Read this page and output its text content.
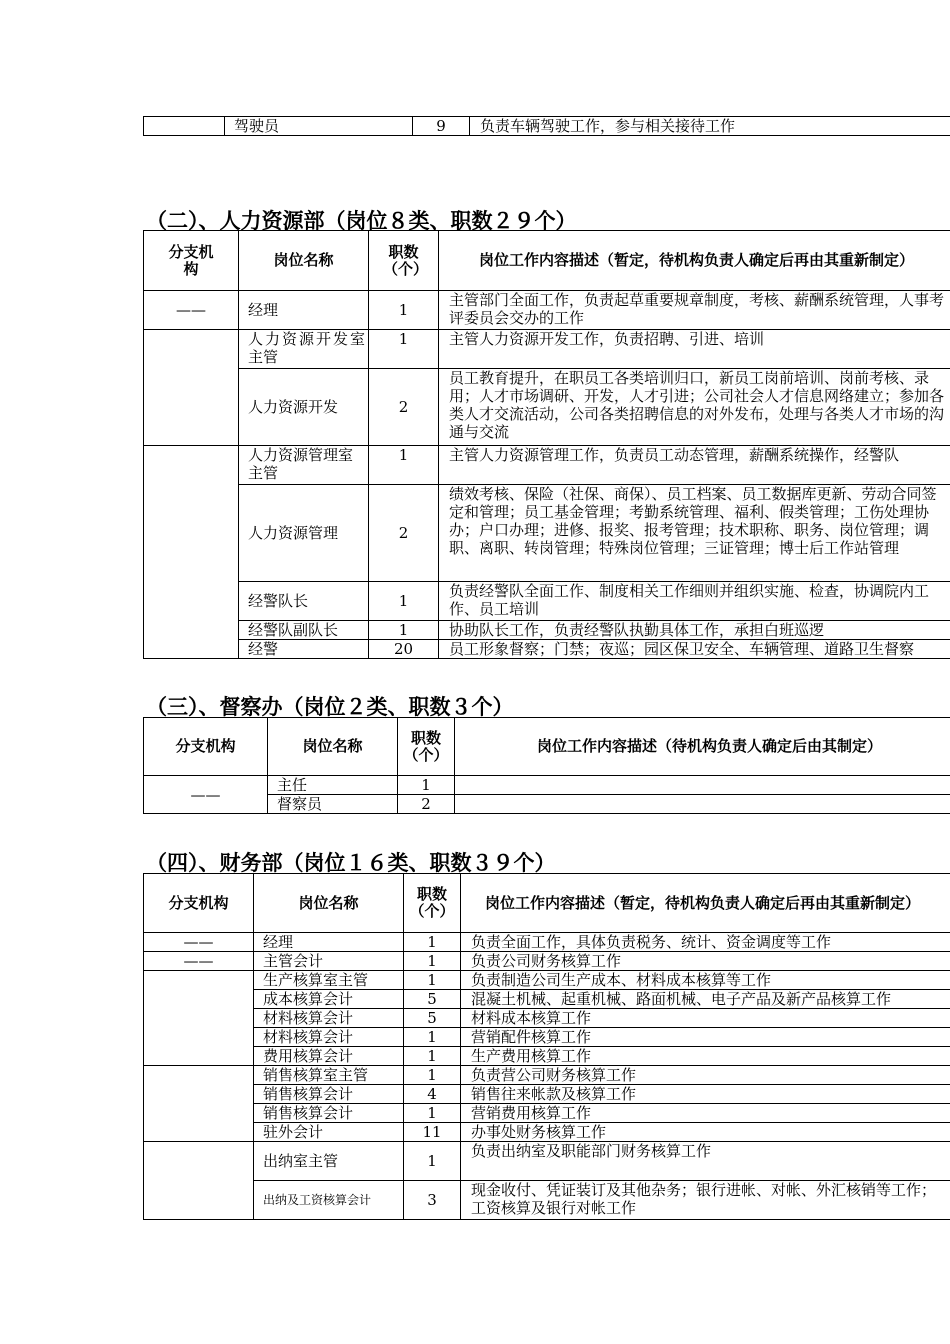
	驾驶员	9	负责车辆驾驶工作，参与相关接待工作
（二）、人力资源部（岗位８类、职数２９个）
分支机构	岗位名称	职数（个）	岗位工作内容描述（暂定，待机构负责人确定后再由其重新制定）
——	经理	1	主管部门全面工作，负责起草重要规章制度，考核、薪酬系统管理，人事考评委员会交办的工作
	人力资源开发室主管	1	主管人力资源开发工作，负责招聘、引进、培训
	人力资源开发	2	员工教育提升，在职员工各类培训归口，新员工岗前培训、岗前考核、录用；人才市场调研、开发，人才引进；公司社会人才信息网络建立；参加各类人才交流活动，公司各类招聘信息的对外发布，处理与各类人才市场的沟通与交流
	人力资源管理室主管	1	主管人力资源管理工作，负责员工动态管理，薪酬系统操作，经警队
	人力资源管理	2	绩效考核、保险（社保、商保）、员工档案、员工数据库更新、劳动合同签定和管理；员工基金管理；考勤系统管理、福利、假类管理；工伤处理协办；户口办理；进修、报奖、报考管理；技术职称、职务、岗位管理；调职、离职、转岗管理；特殊岗位管理；三证管理；博士后工作站管理
	经警队长	1	负责经警队全面工作、制度相关工作细则并组织实施、检查，协调院内工作、员工培训
	经警队副队长	1	协助队长工作，负责经警队执勤具体工作，承担白班巡逻
	经警	20	员工形象督察；门禁；夜巡；园区保卫安全、车辆管理、道路卫生督察
（三）、督察办（岗位２类、职数３个）
分支机构	岗位名称	职数（个）	岗位工作内容描述（待机构负责人确定后由其制定）
——	主任	1	
	督察员	2	
（四）、财务部（岗位１６类、职数３９个）
分支机构	岗位名称	职数（个）	岗位工作内容描述（暂定，待机构负责人确定后再由其重新制定）
——	经理	1	负责全面工作，具体负责税务、统计、资金调度等工作
——	主管会计	1	负责公司财务核算工作
	生产核算室主管	1	负责制造公司生产成本、材料成本核算等工作
	成本核算会计	5	混凝土机械、起重机械、路面机械、电子产品及新产品核算工作
	材料核算会计	5	材料成本核算工作
	材料核算会计	1	营销配件核算工作
	费用核算会计	1	生产费用核算工作
	销售核算室主管	1	负责营公司财务核算工作
	销售核算会计	4	销售往来帐款及核算工作
	销售核算会计	1	营销费用核算工作
	驻外会计	11	办事处财务核算工作
	出纳室主管	1	负责出纳室及职能部门财务核算工作
	出纳及工资核算会计	3	现金收付、凭证装订及其他杂务；银行进帐、对帐、外汇核销等工作；工资核算及银行对帐工作
